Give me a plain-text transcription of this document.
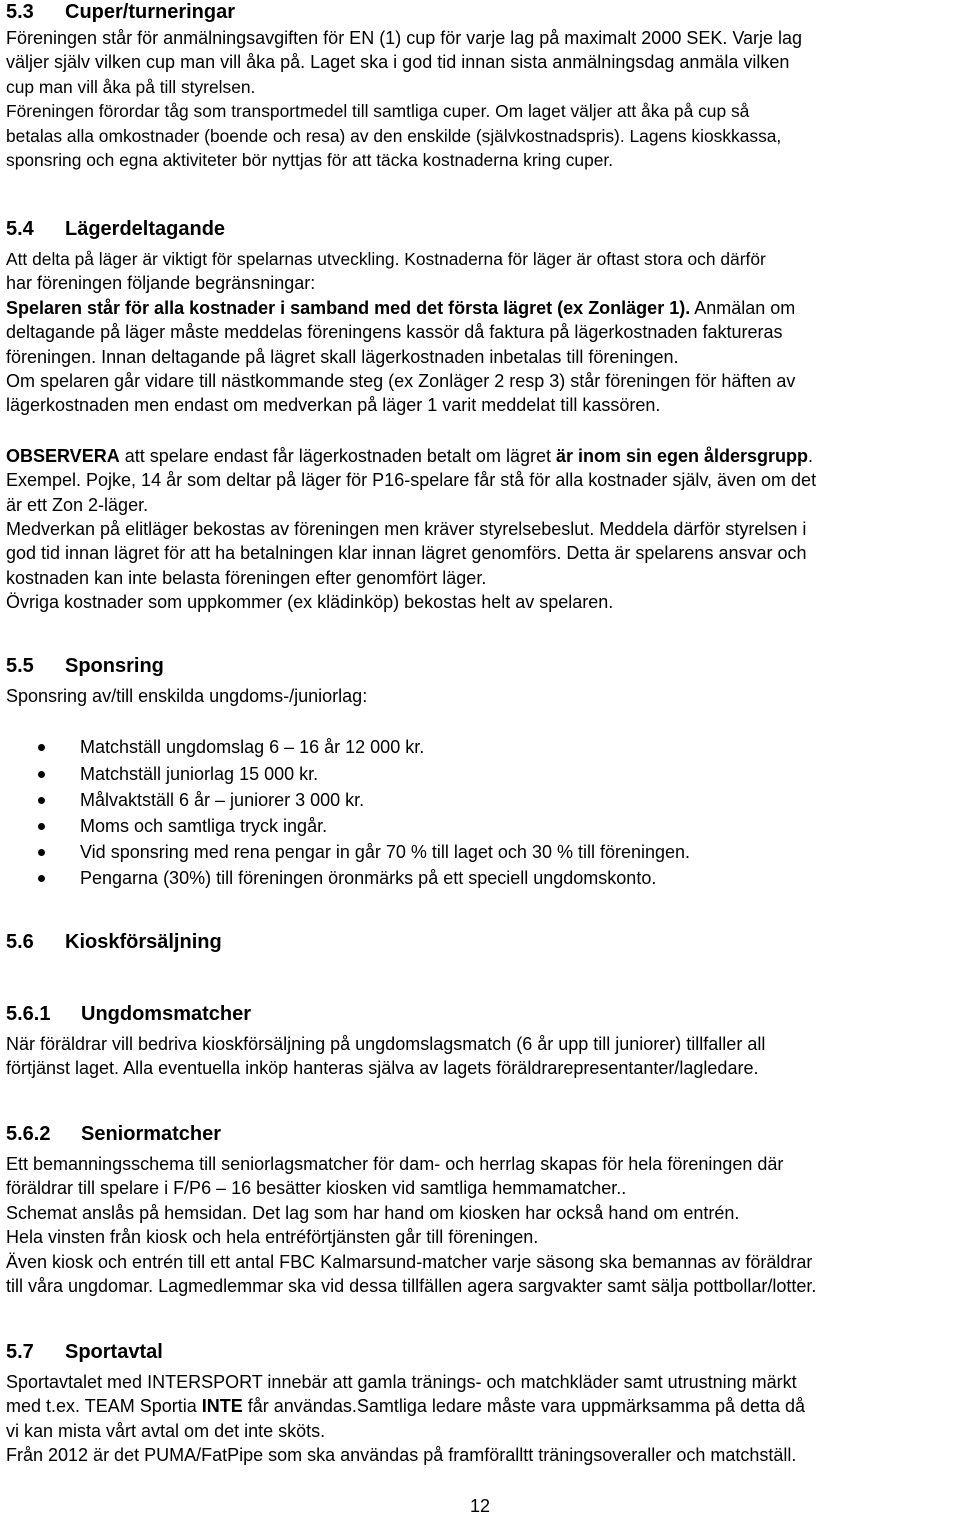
5.3 Cuper/turneringar

Föreningen står för anmälningsavgiften för EN (1) cup för varje lag på maximalt 2000 SEK. Varje lag

väljer själv vilken cup man vill åka på. Laget ska i god tid innan sista anmälningsdag anmäla vilken

cup man vill åka på till styrelsen.

Föreningen förordar tåg som transportmedel till samtliga cuper. Om laget väljer att åka på cup så

betalas alla omkostnader (boende och resa) av den enskilde (självkostnadspris). Lagens kioskkassa,

sponsring och egna aktiviteter bör nyttjas för att täcka kostnaderna kring cuper.

5.4 Lägerdeltagande

Att delta på läger är viktigt för spelarnas utveckling. Kostnaderna för läger är oftast stora och därför

har föreningen följande begränsningar:

Spelaren står för alla kostnader i samband med det första lägret (ex Zonläger 1). Anmälan om

deltagande på läger måste meddelas föreningens kassör då faktura på lägerkostnaden faktureras

föreningen. Innan deltagande på lägret skall lägerkostnaden inbetalas till föreningen.

Om spelaren går vidare till nästkommande steg (ex Zonläger 2 resp 3) står föreningen för häften av

lägerkostnaden men endast om medverkan på läger 1 varit meddelat till kassören.

OBSERVERA att spelare endast får lägerkostnaden betalt om lägret är inom sin egen åldersgrupp.

Exempel. Pojke, 14 år som deltar på läger för P16-spelare får stå för alla kostnader själv, även om det

är ett Zon 2-läger.

Medverkan på elitläger bekostas av föreningen men kräver styrelsebeslut. Meddela därför styrelsen i

god tid innan lägret för att ha betalningen klar innan lägret genomförs. Detta är spelarens ansvar och

kostnaden kan inte belasta föreningen efter genomfört läger.

Övriga kostnader som uppkommer (ex klädinköp) bekostas helt av spelaren.

5.5 Sponsring

Sponsring av/till enskilda ungdoms-/juniorlag:

Matchställ ungdomslag 6 – 16 år 12 000 kr.
Matchställ juniorlag 15 000 kr.
Målvaktställ 6 år – juniorer 3 000 kr.
Moms och samtliga tryck ingår.
Vid sponsring med rena pengar in går 70 % till laget och 30 % till föreningen.
Pengarna (30%) till föreningen öronmärks på ett speciell ungdomskonto.
5.6 Kioskförsäljning
5.6.1 Ungdomsmatcher

När föräldrar vill bedriva kioskförsäljning på ungdomslagsmatch (6 år upp till juniorer) tillfaller all

förtjänst laget. Alla eventuella inköp hanteras själva av lagets föräldrarepresentanter/lagledare.

5.6.2 Seniormatcher

Ett bemanningsschema till seniorlagsmatcher för dam- och herrlag skapas för hela föreningen där

föräldrar till spelare i F/P6 – 16 besätter kiosken vid samtliga hemmamatcher..

Schemat anslås på hemsidan. Det lag som har hand om kiosken har också hand om entrén.

Hela vinsten från kiosk och hela entréförtjänsten går till föreningen.

Även kiosk och entrén till ett antal FBC Kalmarsund-matcher varje säsong ska bemannas av föräldrar

till våra ungdomar. Lagmedlemmar ska vid dessa tillfällen agera sargvakter samt sälja pottbollar/lotter.

5.7 Sportavtal

Sportavtalet med INTERSPORT innebär att gamla tränings- och matchkläder samt utrustning märkt

med t.ex. TEAM Sportia INTE får användas.Samtliga ledare måste vara uppmärksamma på detta då

vi kan mista vårt avtal om det inte sköts.

Från 2012 är det PUMA/FatPipe som ska användas på framföralltt träningsoveraller och matchställ.

12
